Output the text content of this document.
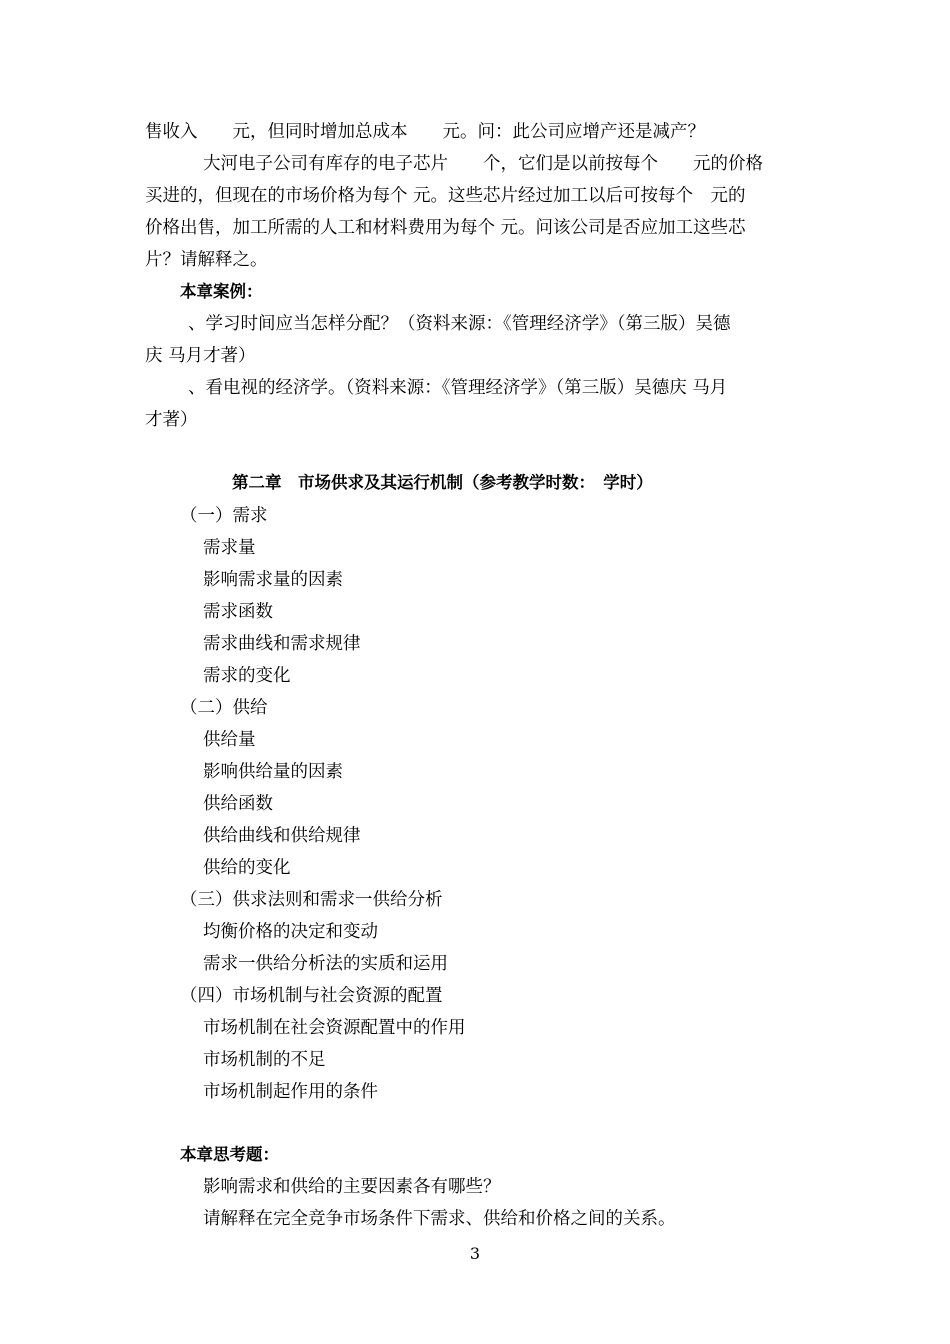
售收入　　元，但同时增加总成本　　元。问：此公司应增产还是减产？
大河电子公司有库存的电子芯片　　个，它们是以前按每个　　元的价格
买进的，但现在的市场价格为每个 元。这些芯片经过加工以后可按每个　元的
价格出售，加工所需的人工和材料费用为每个 元。问该公司是否应加工这些芯
片？请解释之。
本章案例：
、学习时间应当怎样分配？（资料来源：《管理经济学》（第三版）吴德
庆 马月才著）
、看电视的经济学。（资料来源：《管理经济学》（第三版）吴德庆 马月
才著）
第二章　市场供求及其运行机制（参考教学时数：　学时）
（一）需求
需求量
影响需求量的因素
需求函数
需求曲线和需求规律
需求的变化
（二）供给
供给量
影响供给量的因素
供给函数
供给曲线和供给规律
供给的变化
（三）供求法则和需求一供给分析
均衡价格的决定和变动
需求一供给分析法的实质和运用
（四）市场机制与社会资源的配置
市场机制在社会资源配置中的作用
市场机制的不足
市场机制起作用的条件
本章思考题：
影响需求和供给的主要因素各有哪些？
请解释在完全竞争市场条件下需求、供给和价格之间的关系。
3
